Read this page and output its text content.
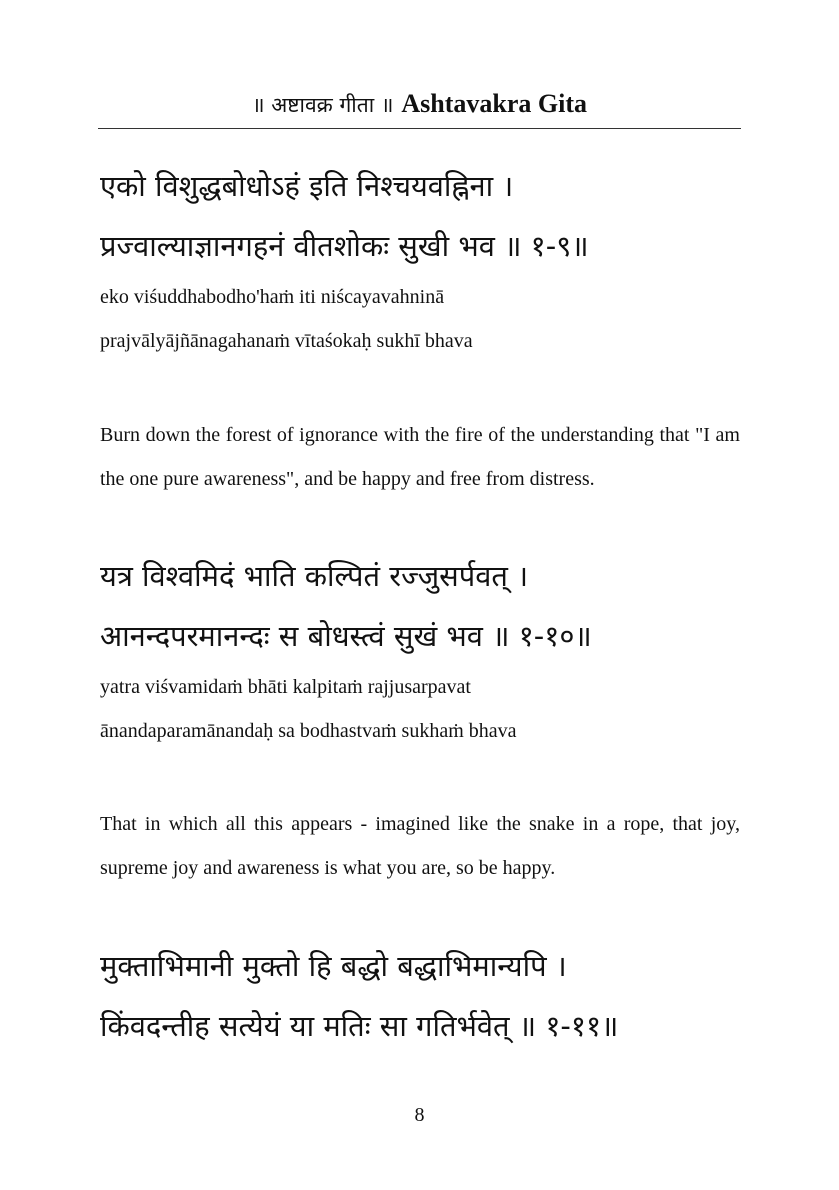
॥ अष्टावक्र गीता ॥ Ashtavakra Gita

एको विशुद्धबोधोऽहं इति निश्चयवह्निना ।

प्रज्वाल्याज्ञानगहनं वीतशोकः सुखी भव ॥ १-९॥

eko viśuddhabodho'haṁ iti niścayavahninā

prajvālyājñānagahanaṁ vītaśokaḥ sukhī bhava

Burn down the forest of ignorance with the fire of the understanding that "I am the one pure awareness", and be happy and free from distress.

यत्र विश्वमिदं भाति कल्पितं रज्जुसर्पवत् ।

आनन्दपरमानन्दः स बोधस्त्वं सुखं भव ॥ १-१०॥

yatra viśvamidaṁ bhāti kalpitaṁ rajjusarpavat

ānandaparamānandaḥ sa bodhastvaṁ sukhaṁ bhava

That in which all this appears - imagined like the snake in a rope, that joy, supreme joy and awareness is what you are, so be happy.

मुक्ताभिमानी मुक्तो हि बद्धो बद्धाभिमान्यपि ।

किंवदन्तीह सत्येयं या मतिः सा गतिर्भवेत् ॥ १-११॥

8
